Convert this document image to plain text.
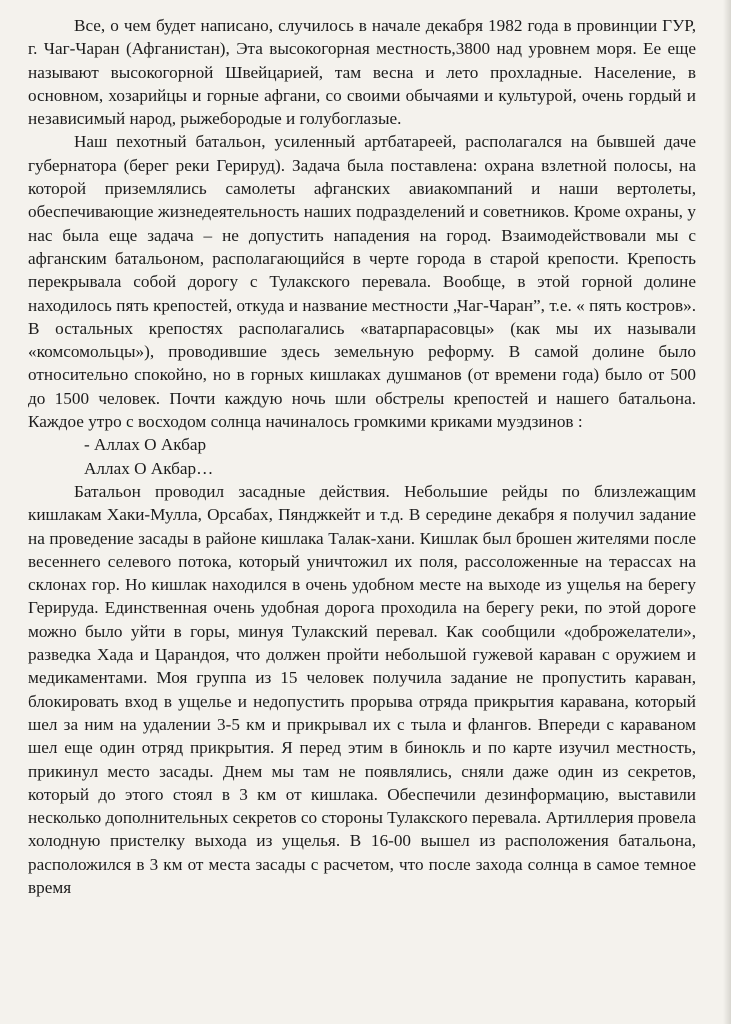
Все, о чем будет написано, случилось в начале декабря 1982 года в провинции ГУР, г. Чаг-Чаран (Афганистан), Эта высокогорная местность,3800 над уровнем моря. Ее еще называют высокогорной Швейцарией, там весна и лето прохладные. Население, в основном, хозарийцы и горные афгани, со своими обычаями и культурой, очень гордый и независимый народ, рыжебородые и голубоглазые.

Наш пехотный батальон, усиленный артбатареей, располагался на бывшей даче губернатора (берег реки Герируд). Задача была поставлена: охрана взлетной полосы, на которой приземлялись самолеты афганских авиакомпаний и наши вертолеты, обеспечивающие жизнедеятельность наших подразделений и советников. Кроме охраны, у нас была еще задача – не допустить нападения на город. Взаимодействовали мы с афганским батальоном, располагающийся в черте города в старой крепости. Крепость перекрывала собой дорогу с Тулакского перевала. Вообще, в этой горной долине находилось пять крепостей, откуда и название местности „Чаг-Чаран”, т.е. « пять костров». В остальных крепостях располагались «ватарпарасовцы» (как мы их называли «комсомольцы»), проводившие здесь земельную реформу. В самой долине было относительно спокойно, но в горных кишлаках душманов (от времени года) было от 500 до 1500 человек. Почти каждую ночь шли обстрелы крепостей и нашего батальона. Каждое утро с восходом солнца начиналось громкими криками муэдзинов :

- Аллах О Акбар

Аллах О Акбар…

Батальон проводил засадные действия. Небольшие рейды по близлежащим кишлакам Хаки-Мулла, Орсабах, Пянджкейт и т.д. В середине декабря я получил задание на проведение засады в районе кишлака Талак-хани. Кишлак был брошен жителями после весеннего селевого потока, который уничтожил их поля, рассоложенные на терассах на склонах гор. Но кишлак находился в очень удобном месте на выходе из ущелья на берегу Герируда. Единственная очень удобная дорога проходила на берегу реки, по этой дороге можно было уйти в горы, минуя Тулакский перевал. Как сообщили «доброжелатели», разведка Хада и Царандоя, что должен пройти небольшой гужевой караван с оружием и медикаментами. Моя группа из 15 человек получила задание не пропустить караван, блокировать вход в ущелье и недопустить прорыва отряда прикрытия каравана, который шел за ним на удалении 3-5 км и прикрывал их с тыла и флангов. Впереди с караваном шел еще один отряд прикрытия. Я перед этим в бинокль и по карте изучил местность, прикинул место засады. Днем мы там не появлялись, сняли даже один из секретов, который до этого стоял в 3 км от кишлака. Обеспечили дезинформацию, выставили несколько дополнительных секретов со стороны Тулакского перевала. Артиллерия провела холодную пристелку выхода из ущелья. В 16-00 вышел из расположения батальона, расположился в 3 км от места засады с расчетом, что после захода солнца в самое темное время
